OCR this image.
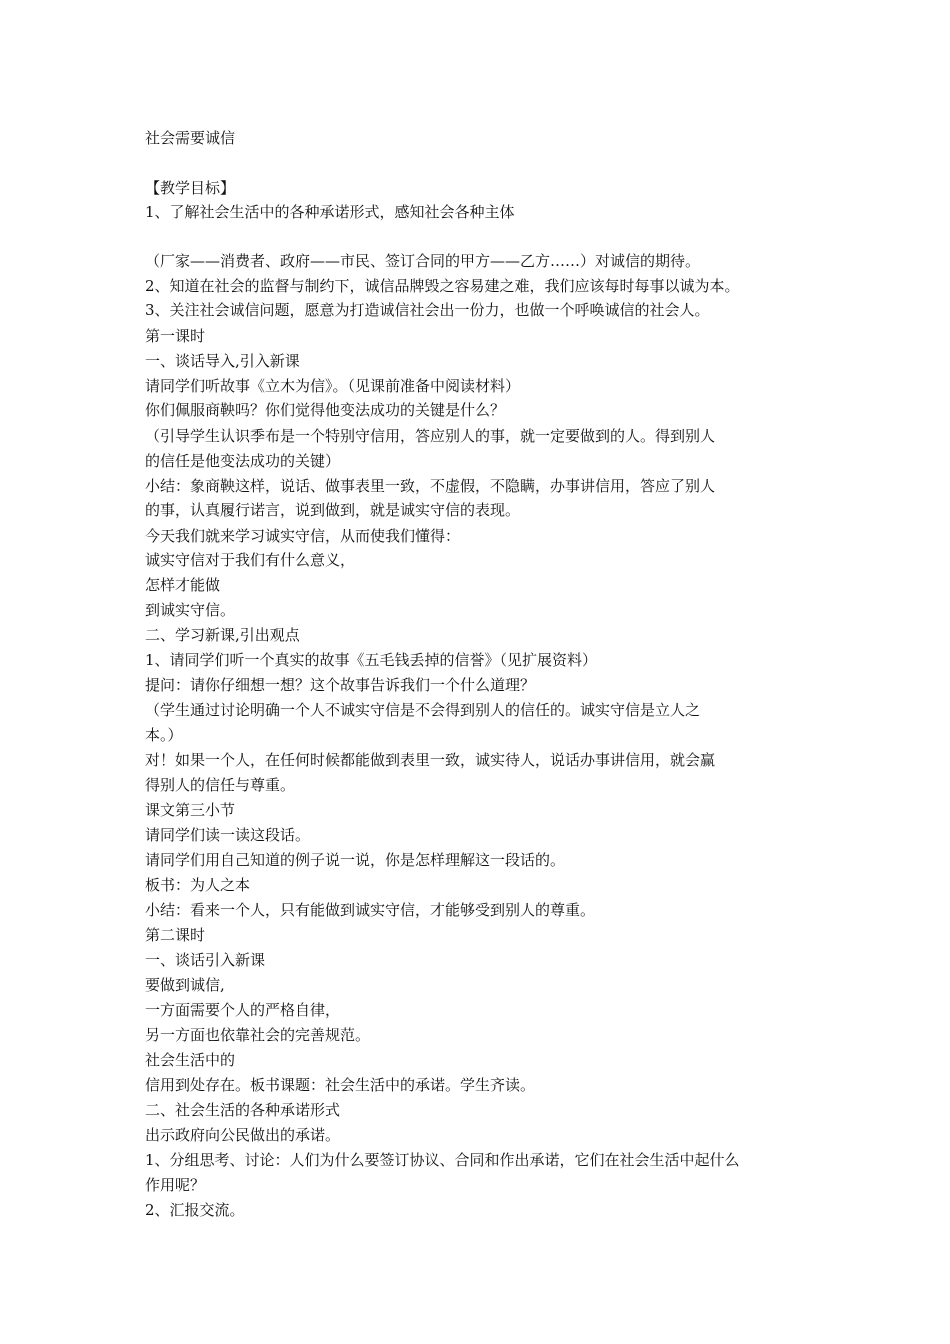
社会需要诚信
【教学目标】
1、了解社会生活中的各种承诺形式，感知社会各种主体
（厂家——消费者、政府——市民、签订合同的甲方——乙方……）对诚信的期待。
2、知道在社会的监督与制约下，诚信品牌毁之容易建之难，我们应该每时每事以诚为本。
3、关注社会诚信问题，愿意为打造诚信社会出一份力，也做一个呼唤诚信的社会人。
第一课时
一、谈话导入,引入新课
请同学们听故事《立木为信》。（见课前准备中阅读材料）
你们佩服商鞅吗？你们觉得他变法成功的关键是什么？
（引导学生认识季布是一个特别守信用，答应别人的事，就一定要做到的人。得到别人
的信任是他变法成功的关键）
小结：象商鞅这样，说话、做事表里一致，不虚假，不隐瞒，办事讲信用，答应了别人
的事，认真履行诺言，说到做到，就是诚实守信的表现。
今天我们就来学习诚实守信，从而使我们懂得：
诚实守信对于我们有什么意义，
怎样才能做
到诚实守信。
二、学习新课,引出观点
1、请同学们听一个真实的故事《五毛钱丢掉的信誉》（见扩展资料）
提问：请你仔细想一想？这个故事告诉我们一个什么道理？
（学生通过讨论明确一个人不诚实守信是不会得到别人的信任的。诚实守信是立人之
本。）
对！如果一个人，在任何时候都能做到表里一致，诚实待人，说话办事讲信用，就会赢
得别人的信任与尊重。
课文第三小节
请同学们读一读这段话。
请同学们用自己知道的例子说一说，你是怎样理解这一段话的。
板书：为人之本
小结：看来一个人，只有能做到诚实守信，才能够受到别人的尊重。
第二课时
一、谈话引入新课
要做到诚信,
一方面需要个人的严格自律，
另一方面也依靠社会的完善规范。
社会生活中的
信用到处存在。板书课题：社会生活中的承诺。学生齐读。
二、社会生活的各种承诺形式
出示政府向公民做出的承诺。
1、分组思考、讨论：人们为什么要签订协议、合同和作出承诺，它们在社会生活中起什么
作用呢？
2、汇报交流。
